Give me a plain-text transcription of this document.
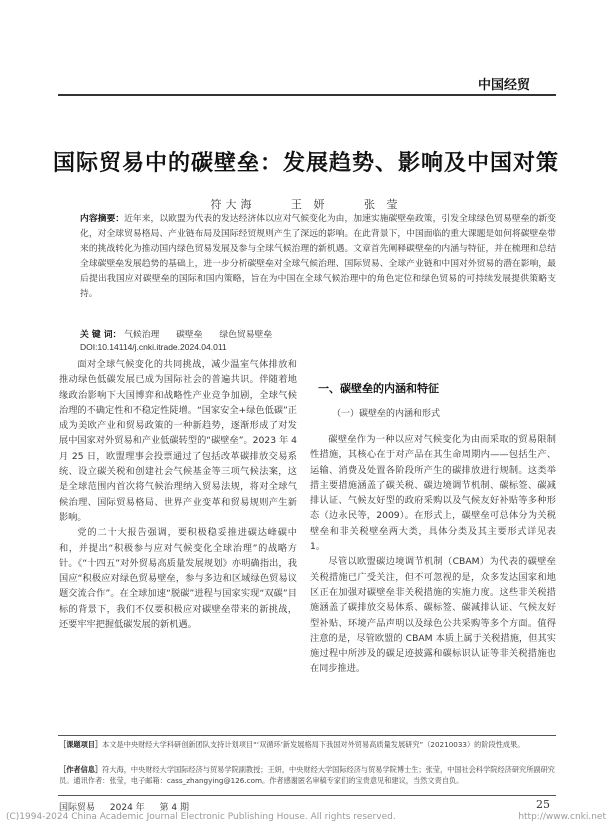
中国经贸
国际贸易中的碳壁垒：发展趋势、影响及中国对策
符大海	王 妍	张 莹
内容摘要：近年来，以欧盟为代表的发达经济体以应对气候变化为由，加速实施碳壁垒政策，引发全球绿色贸易壁垒的新变化，对全球贸易格局、产业链布局及国际经贸规则产生了深远的影响。在此背景下，中国面临的重大课题是如何将碳壁垒带来的挑战转化为推动国内绿色贸易发展及参与全球气候治理的新机遇。文章首先阐释碳壁垒的内涵与特征，并在梳理和总结全球碳壁垒发展趋势的基础上，进一步分析碳壁垒对全球气候治理、国际贸易、全球产业链和中国对外贸易的潜在影响，最后提出我国应对碳壁垒的国际和国内策略，旨在为中国在全球气候治理中的角色定位和绿色贸易的可持续发展提供策略支持。
关 键 词： 气候治理 碳壁垒 绿色贸易壁垒
DOI:10.14114/j.cnki.itrade.2024.04.011

面对全球气候变化的共同挑战，减少温室气体排放和推动绿色低碳发展已成为国际社会的普遍共识。伴随着地缘政治影响下大国博弈和战略性产业竞争加剧，全球气候治理的不确定性和不稳定性陡增。“国家安全+绿色低碳”正成为美欧产业和贸易政策的一种新趋势，逐渐形成了对发展中国家对外贸易和产业低碳转型的“碳壁垒”。2023 年 4 月 25 日，欧盟理事会投票通过了包括改革碳排放交易系统、设立碳关税和创建社会气候基金等三项气候法案，这是全球范围内首次将气候治理纳入贸易法规，将对全球气候治理、国际贸易格局、世界产业变革和贸易规则产生新影响。

党的二十大报告强调，要积极稳妥推进碳达峰碳中和，并提出“积极参与应对气候变化全球治理”的战略方针。《“十四五”对外贸易高质量发展规划》亦明确指出，我国应“积极应对绿色贸易壁垒，参与多边和区域绿色贸易议题交流合作”。在全球加速“脱碳”进程与国家实现“双碳”目标的背景下，我们不仅要积极应对碳壁垒带来的新挑战，还要牢牢把握低碳发展的新机遇。

一、碳壁垒的内涵和特征
（一）碳壁垒的内涵和形式

碳壁垒作为一种以应对气候变化为由而采取的贸易限制性措施，其核心在于对产品在其生命周期内——包括生产、运输、消费及处置各阶段所产生的碳排放进行规制。这类举措主要措施涵盖了碳关税、碳边境调节机制、碳标签、碳减排认证、气候友好型的政府采购以及气候友好补贴等多种形态（边永民等，2009）。在形式上，碳壁垒可总体分为关税壁垒和非关税壁垒两大类，具体分类及其主要形式详见表 1。

尽管以欧盟碳边境调节机制（CBAM）为代表的碳壁垒关税措施已广受关注，但不可忽视的是，众多发达国家和地区正在加强对碳壁垒非关税措施的实施力度。这些非关税措施涵盖了碳排放交易体系、碳标签、碳减排认证、气候友好型补贴、环境产品声明以及绿色公共采购等多个方面。值得注意的是，尽管欧盟的 CBAM 本质上属于关税措施，但其实施过程中所涉及的碳足迹披露和碳标识认证等非关税措施也在同步推进。

［课题项目］本文是中央财经大学科研创新团队支持计划项目“‘双循环’新发展格局下我国对外贸易高质量发展研究”（20210033）的阶段性成果。
［作者信息］符大海，中央财经大学国际经济与贸易学院副教授；王妍，中央财经大学国际经济与贸易学院博士生；张莹，中国社会科学院经济研究所副研究员。通讯作者：张莹，电子邮箱：cass_zhangying@126.com。作者感谢匿名审稿专家们的宝贵意见和建议，当然文责自负。
国际贸易 2024 年 第 4 期	25
(C)1994-2024 China Academic Journal Electronic Publishing House. All rights reserved.	http://www.cnki.net
